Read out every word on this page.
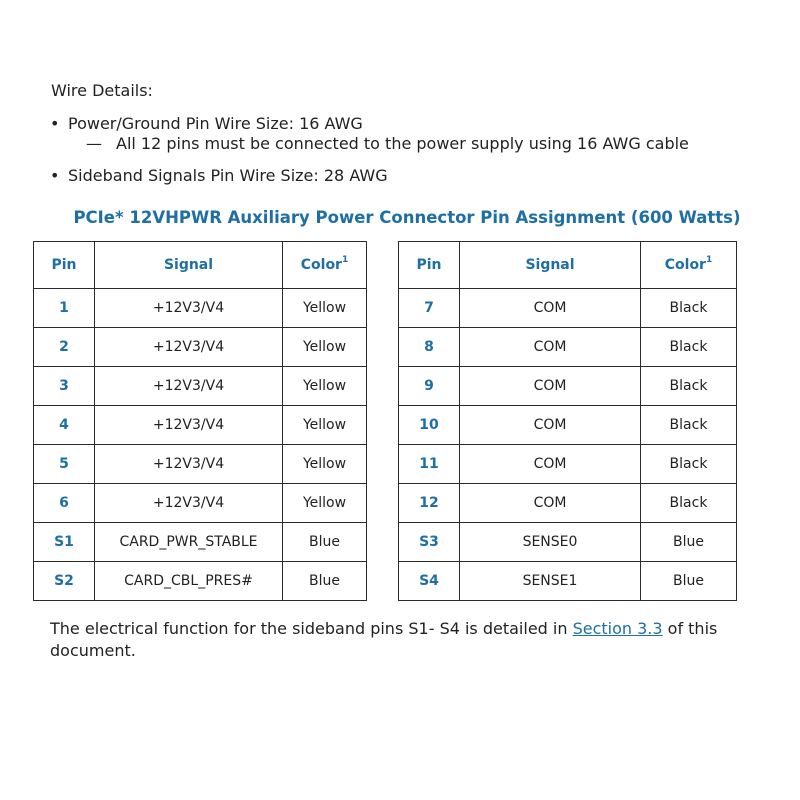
Wire Details:
• Power/Ground Pin Wire Size: 16 AWG
— All 12 pins must be connected to the power supply using 16 AWG cable
• Sideband Signals Pin Wire Size: 28 AWG
PCIe* 12VHPWR Auxiliary Power Connector Pin Assignment (600 Watts)
Pin	Signal	Color$^1$
1	+12V3/V4	Yellow
2	+12V3/V4	Yellow
3	+12V3/V4	Yellow
4	+12V3/V4	Yellow
5	+12V3/V4	Yellow
6	+12V3/V4	Yellow
S1	CARD_PWR_STABLE	Blue
S2	CARD_CBL_PRES#	Blue
Pin	Signal	Color$^1$
7	COM	Black
8	COM	Black
9	COM	Black
10	COM	Black
11	COM	Black
12	COM	Black
S3	SENSE0	Blue
S4	SENSE1	Blue
The electrical function for the sideband pins S1- S4 is detailed in Section 3.3 of this document.
